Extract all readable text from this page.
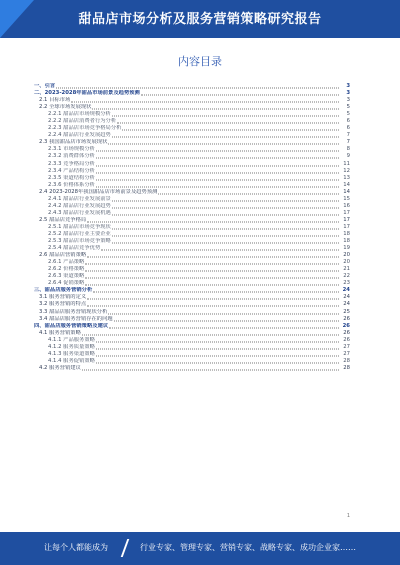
甜品店市场分析及服务营销策略研究报告
内容目录
一、引言	3
二、2023-2028年甜品市场前景及趋势预测	3
2.1 目标市场	3
2.2 全球市场发展现状	5
2.2.1 甜品店市场规模分析	5
2.2.2 甜品店消费者行为分析	6
2.2.3 甜品店市场竞争格局分析	6
2.2.4 甜品店行业发展趋势	7
2.3 我国甜品店市场发展现状	7
2.3.1 市场规模分析	8
2.3.2 消费群体分析	9
2.3.3 竞争格局分析	11
2.3.4 产品结构分析	12
2.3.5 渠道结构分析	13
2.3.6 价格体系分析	14
2.4 2023-2028年我国甜品店市场前景及趋势预测	14
2.4.1 甜品店行业发展前景	15
2.4.2 甜品店行业发展趋势	16
2.4.3 甜品店行业发展机遇	17
2.5 甜品店竞争格局	17
2.5.1 甜品店市场竞争现状	17
2.5.2 甜品店行业主要企业	18
2.5.3 甜品店市场竞争策略	18
2.5.4 甜品店竞争优势	19
2.6 甜品店营销策略	20
2.6.1 产品策略	20
2.6.2 价格策略	21
2.6.3 渠道策略	22
2.6.4 促销策略	23
三、甜品店服务营销分析	24
3.1 服务营销的定义	24
3.2 服务营销的特点	24
3.3 甜品店服务营销现状分析	25
3.4 甜品店服务营销存在的问题	26
四、甜品店服务营销策略及建议	26
4.1 服务营销策略	26
4.1.1 产品服务策略	26
4.1.2 服务质量策略	27
4.1.3 服务渠道策略	27
4.1.4 服务促销策略	28
4.2 服务营销建议	28
1
让每个人都能成为	行业专家、管理专家、营销专家、战略专家、成功企业家……
